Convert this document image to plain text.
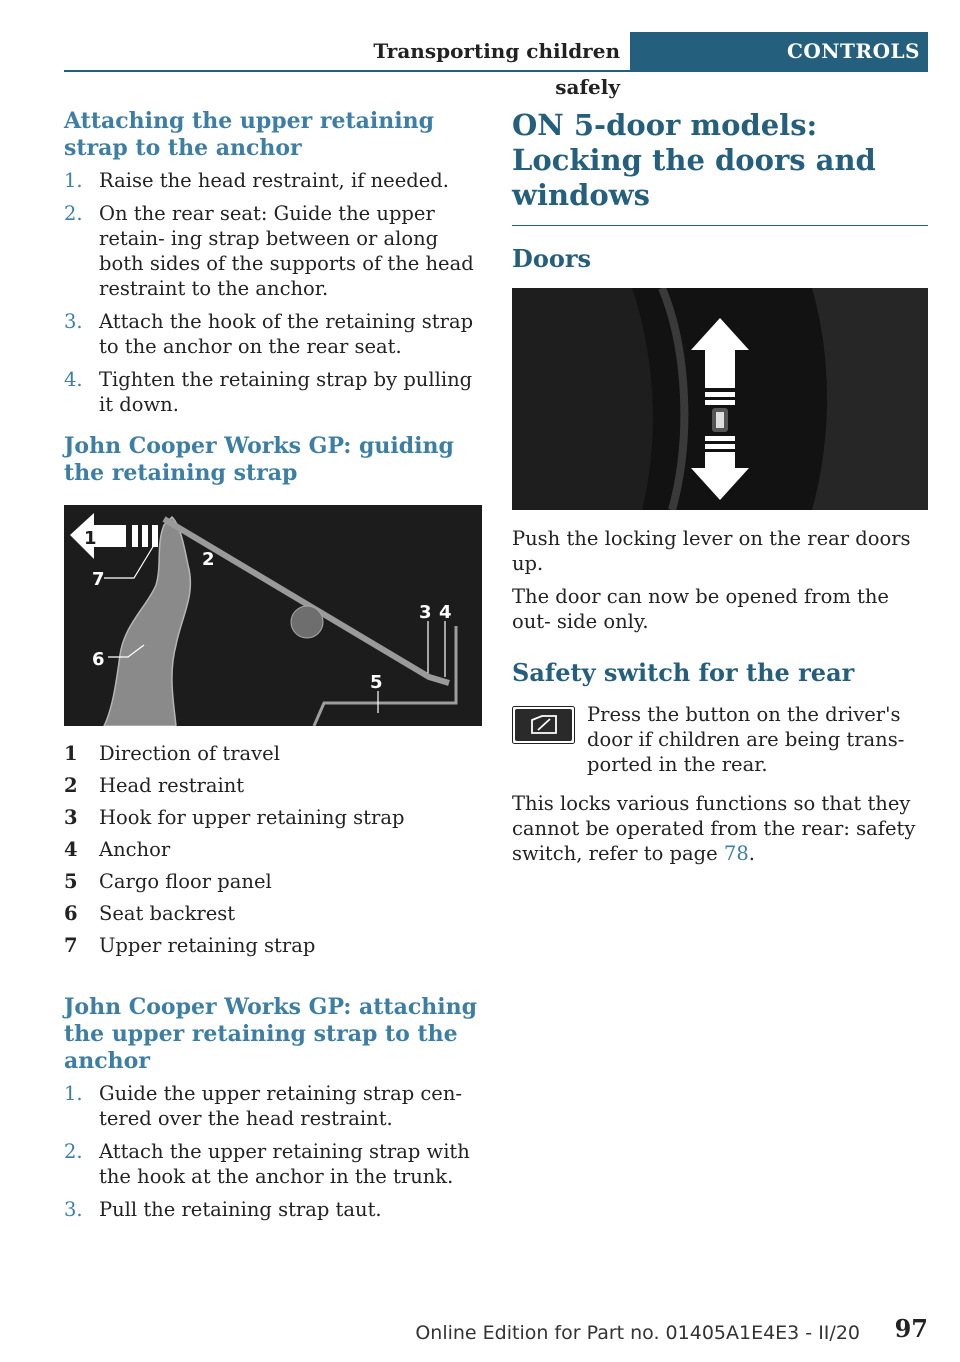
Transporting children safely
CONTROLS
Attaching the upper retaining strap to the anchor
1. Raise the head restraint, if needed.
2. On the rear seat: Guide the upper retain‐ ing strap between or along both sides of the supports of the head restraint to the anchor.
3. Attach the hook of the retaining strap to the anchor on the rear seat.
4. Tighten the retaining strap by pulling it down.
John Cooper Works GP: guiding the retaining strap
1
2
3 4
5
6
7
1	Direction of travel
2	Head restraint
3	Hook for upper retaining strap
4	Anchor
5	Cargo floor panel
6	Seat backrest
7	Upper retaining strap
John Cooper Works GP: attaching the upper retaining strap to the anchor
1. Guide the upper retaining strap cen‐ tered over the head restraint.
2. Attach the upper retaining strap with the hook at the anchor in the trunk.
3. Pull the retaining strap taut.
ON 5-door models: Locking the doors and windows
Doors

Push the locking lever on the rear doors up.

The door can now be opened from the out‐ side only.

Safety switch for the rear
Press the button on the driver's door if children are being trans‐ ported in the rear.

This locks various functions so that they cannot be operated from the rear: safety switch, refer to page 78.

97
Online Edition for Part no. 01405A1E4E3 - II/20
